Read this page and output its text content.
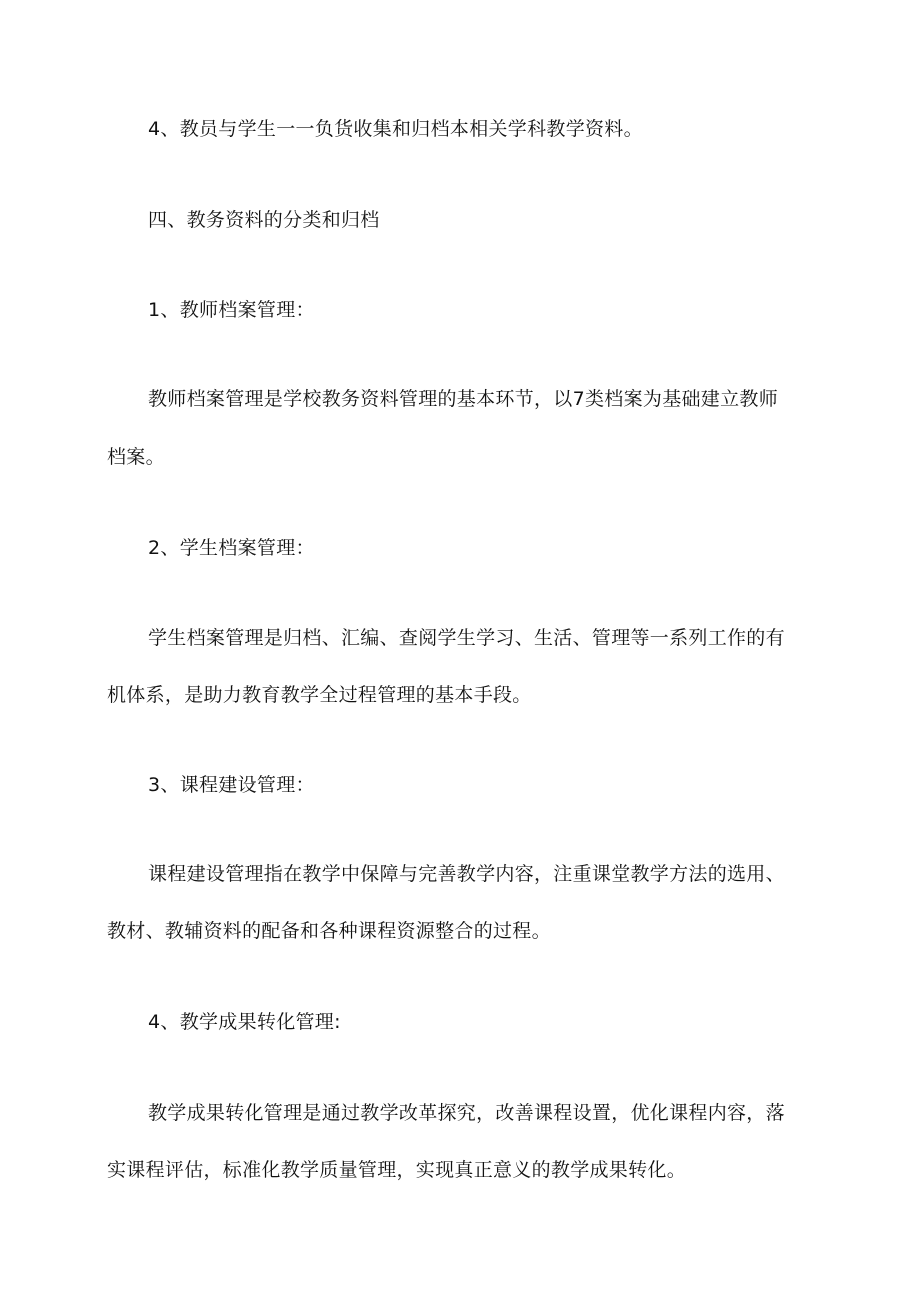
4、教员与学生一一负货收集和归档本相关学科教学资料。
四、教务资料的分类和归档
1、教师档案管理：
教师档案管理是学校教务资料管理的基本环节，以7类档案为基础建立教师
档案。
2、学生档案管理：
学生档案管理是归档、汇编、查阅学生学习、生活、管理等一系列工作的有
机体系，是助力教育教学全过程管理的基本手段。
3、课程建设管理：
课程建设管理指在教学中保障与完善教学内容，注重课堂教学方法的选用、
教材、教辅资料的配备和各种课程资源整合的过程。
4、教学成果转化管理:
教学成果转化管理是通过教学改革探究，改善课程设置，优化课程内容，落
实课程评估，标准化教学质量管理，实现真正意义的教学成果转化。
